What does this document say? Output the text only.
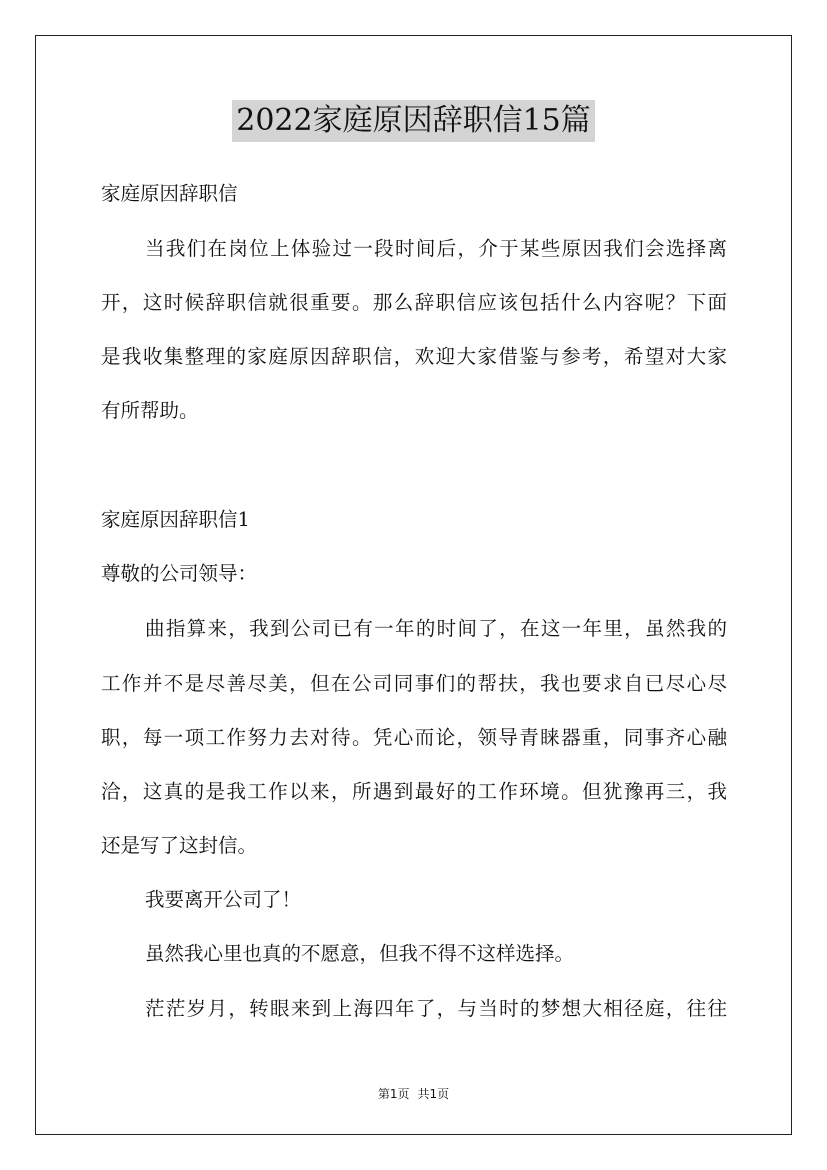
2022家庭原因辞职信15篇
家庭原因辞职信
当我们在岗位上体验过一段时间后，介于某些原因我们会选择离
开，这时候辞职信就很重要。那么辞职信应该包括什么内容呢？下面
是我收集整理的家庭原因辞职信，欢迎大家借鉴与参考，希望对大家
有所帮助。
家庭原因辞职信1
尊敬的公司领导：
曲指算来，我到公司已有一年的时间了，在这一年里，虽然我的
工作并不是尽善尽美，但在公司同事们的帮扶，我也要求自已尽心尽
职，每一项工作努力去对待。凭心而论，领导青睐器重，同事齐心融
洽，这真的是我工作以来，所遇到最好的工作环境。但犹豫再三，我
还是写了这封信。
我要离开公司了！
虽然我心里也真的不愿意，但我不得不这样选择。
茫茫岁月，转眼来到上海四年了，与当时的梦想大相径庭，往往
第1页 共1页
